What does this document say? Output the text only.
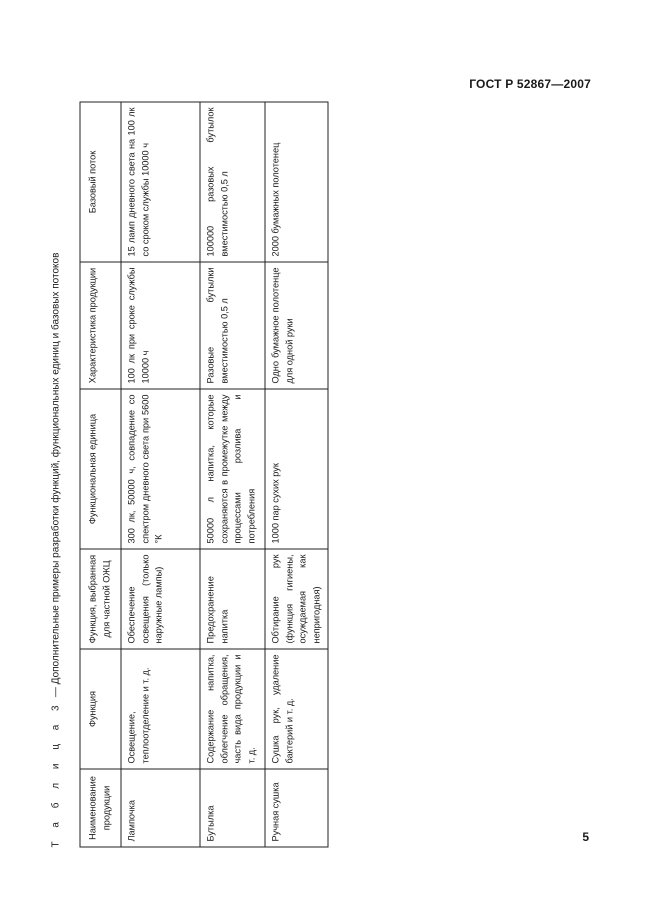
ГОСТ Р 52867—2007
Т а б л и ц а 3 — Дополнительные примеры разработки функций, функциональных единиц и базовых потоков
Наименование продукции	Функция	Функция, выбранная для частной ОЖЦ	Функциональная единица	Характеристика продукции	Базовый поток
Лампочка	Освещение, теплоотделение и т. д.	Обеспечение освещения (только наружные лампы)	300 лк, 50000 ч, совпадение со спектром дневного света при 5600 °К	100 лк при сроке службы 10000 ч	15 ламп дневного света на 100 лк со сроком службы 10000 ч
Бутылка	Содержание напитка, облегчение обращения, часть вида продукции и т. д.	Предохранение напитка	50000 л напитка, которые сохраняются в промежутке между процессами розлива и потребления	Разовые бутылки вместимостью 0,5 л	100000 разовых бутылок вместимостью 0,5 л
Ручная сушка	Сушка рук, удаление бактерий и т. д.	Обтирание рук (функция гигиены, осуждаемая как непригодная)	1000 пар сухих рук	Одно бумажное полотенце для одной руки	2000 бумажных полотенец
5
